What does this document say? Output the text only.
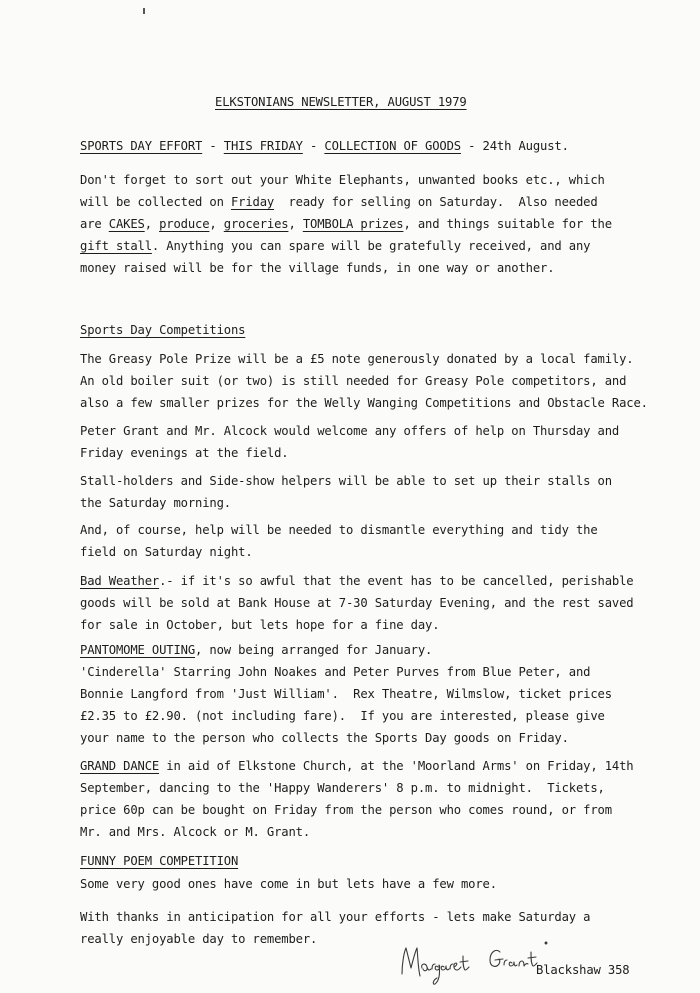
ELKSTONIANS NEWSLETTER, AUGUST 1979
SPORTS DAY EFFORT - THIS FRIDAY - COLLECTION OF GOODS - 24th August.
Don't forget to sort out your White Elephants, unwanted books etc., which
will be collected on Friday  ready for selling on Saturday.  Also needed
are CAKES, produce, groceries, TOMBOLA prizes, and things suitable for the
gift stall. Anything you can spare will be gratefully received, and any
money raised will be for the village funds, in one way or another.
Sports Day Competitions
The Greasy Pole Prize will be a £5 note generously donated by a local family.
An old boiler suit (or two) is still needed for Greasy Pole competitors, and
also a few smaller prizes for the Welly Wanging Competitions and Obstacle Race.
Peter Grant and Mr. Alcock would welcome any offers of help on Thursday and
Friday evenings at the field.
Stall-holders and Side-show helpers will be able to set up their stalls on
the Saturday morning.
And, of course, help will be needed to dismantle everything and tidy the
field on Saturday night.
Bad Weather.- if it's so awful that the event has to be cancelled, perishable
goods will be sold at Bank House at 7-30 Saturday Evening, and the rest saved
for sale in October, but lets hope for a fine day.
PANTOMOME OUTING, now being arranged for January.
'Cinderella' Starring John Noakes and Peter Purves from Blue Peter, and
Bonnie Langford from 'Just William'.  Rex Theatre, Wilmslow, ticket prices
£2.35 to £2.90. (not including fare).  If you are interested, please give
your name to the person who collects the Sports Day goods on Friday.
GRAND DANCE in aid of Elkstone Church, at the 'Moorland Arms' on Friday, 14th
September, dancing to the 'Happy Wanderers' 8 p.m. to midnight.  Tickets,
price 60p can be bought on Friday from the person who comes round, or from
Mr. and Mrs. Alcock or M. Grant.
FUNNY POEM COMPETITION
Some very good ones have come in but lets have a few more.
With thanks in anticipation for all your efforts - lets make Saturday a
really enjoyable day to remember.
Blackshaw 358
